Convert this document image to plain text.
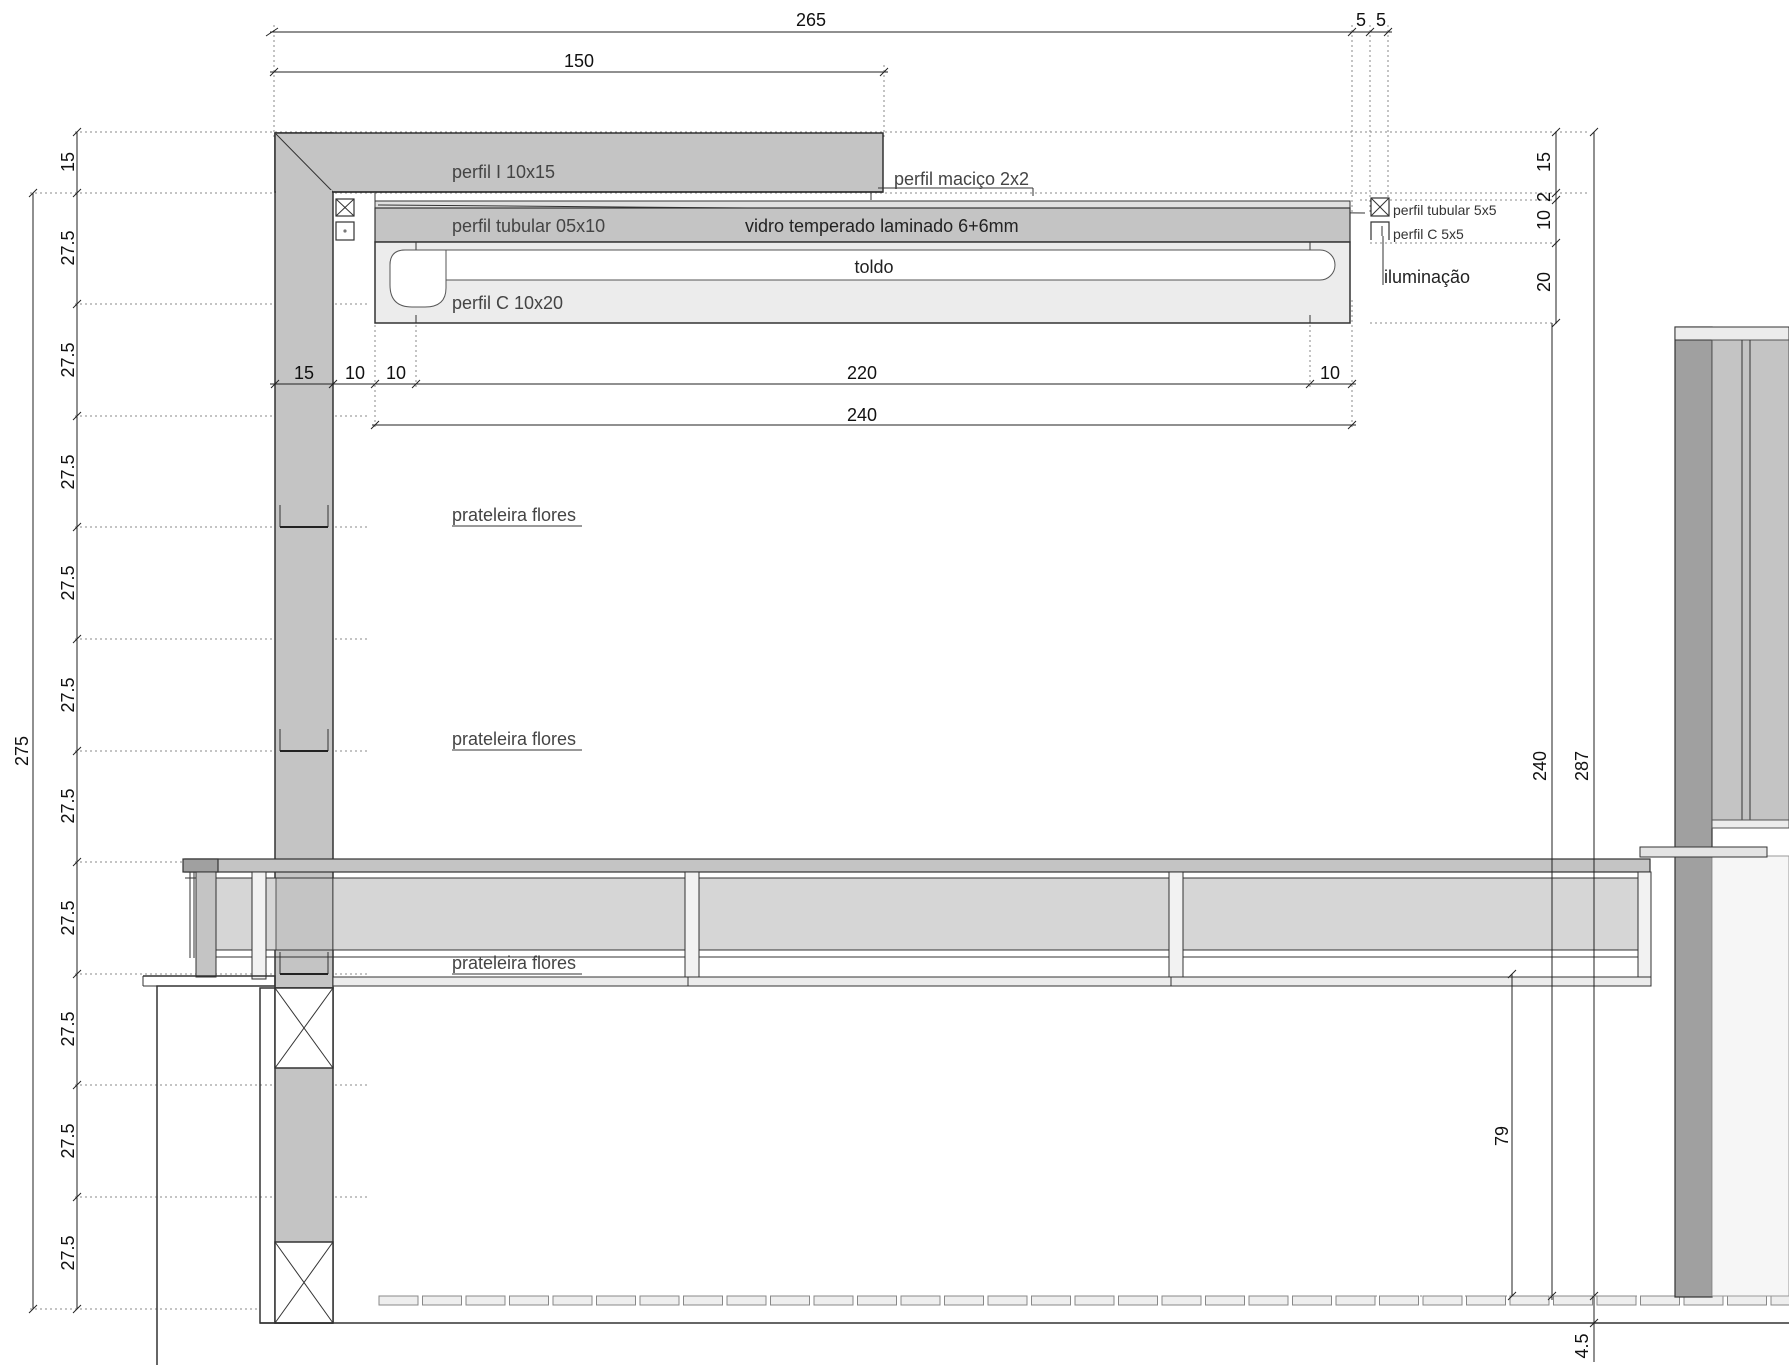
265	5 5
150
15 10 10	220	10
240
perfil I 10x15	perfil maciço 2x2
perfil tubular 05x10	vidro temperado laminado 6+6mm
toldo
perfil C 10x20
perfil tubular 5x5
perfil C 5x5
iluminação
prateleira flores
prateleira flores
275
15
27.5
27.5
27.5
27.5
27.5
27.5
27.5
27.5
27.5
27.5
prateleira flores
15
2
10
20
240 287
79
4.5
